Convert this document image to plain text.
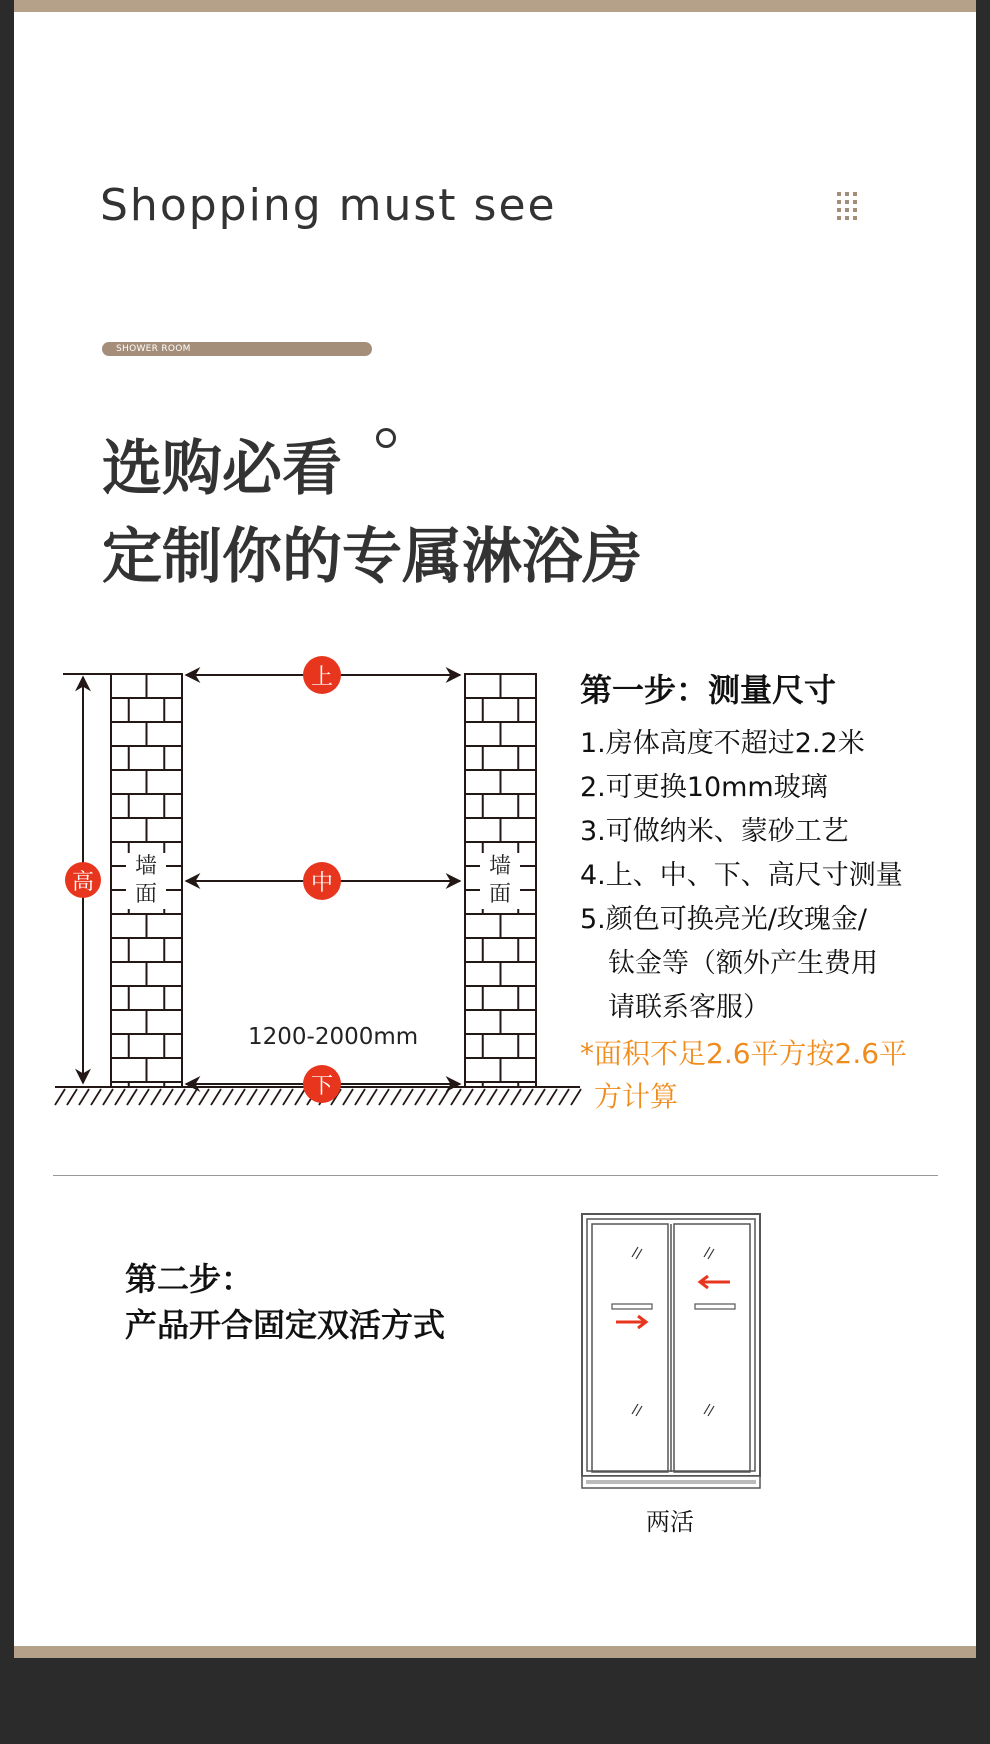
Shopping must see
SHOWER ROOM
选购必看
定制你的专属淋浴房
上
中
下
高
墙
面
墙
面
1200-2000mm
第一步：测量尺寸
1.房体高度不超过2.2米
2.可更换10mm玻璃
3.可做纳米、蒙砂工艺
4.上、中、下、高尺寸测量
5.颜色可换亮光/玫瑰金/
钛金等（额外产生费用
请联系客服）
*面积不足2.6平方按2.6平
方计算
第二步：
产品开合固定双活方式
两活
